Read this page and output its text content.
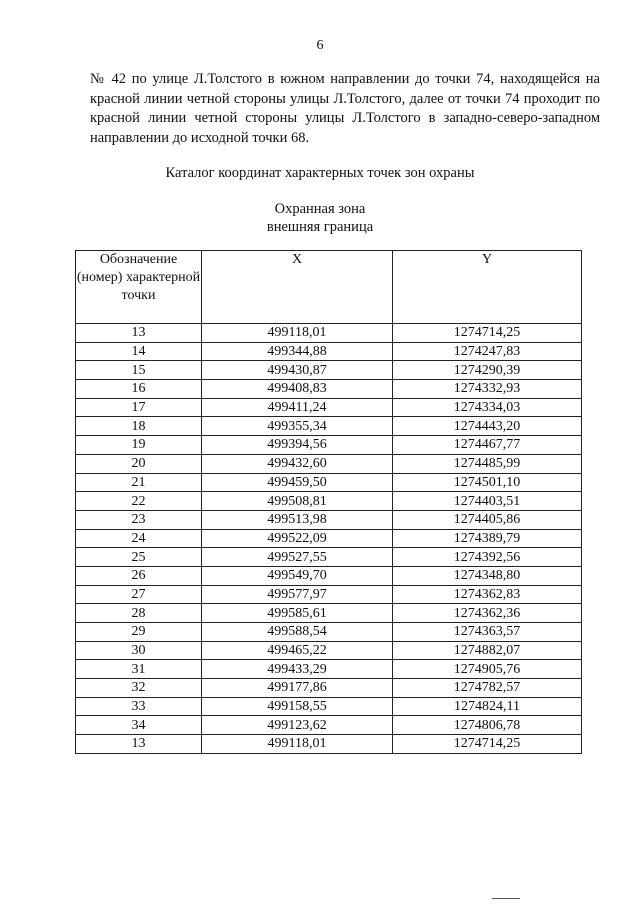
6

№ 42 по улице Л.Толстого в южном направлении до точки 74, находящейся на красной линии четной стороны улицы Л.Толстого, далее от точки 74 проходит по красной линии четной стороны улицы Л.Толстого в западно-северо-западном направлении до исходной точки 68.

Каталог координат характерных точек зон охраны
Охранная зона
внешняя граница
Обозначение (номер) характерной точки	X	Y
13	499118,01	1274714,25
14	499344,88	1274247,83
15	499430,87	1274290,39
16	499408,83	1274332,93
17	499411,24	1274334,03
18	499355,34	1274443,20
19	499394,56	1274467,77
20	499432,60	1274485,99
21	499459,50	1274501,10
22	499508,81	1274403,51
23	499513,98	1274405,86
24	499522,09	1274389,79
25	499527,55	1274392,56
26	499549,70	1274348,80
27	499577,97	1274362,83
28	499585,61	1274362,36
29	499588,54	1274363,57
30	499465,22	1274882,07
31	499433,29	1274905,76
32	499177,86	1274782,57
33	499158,55	1274824,11
34	499123,62	1274806,78
13	499118,01	1274714,25
